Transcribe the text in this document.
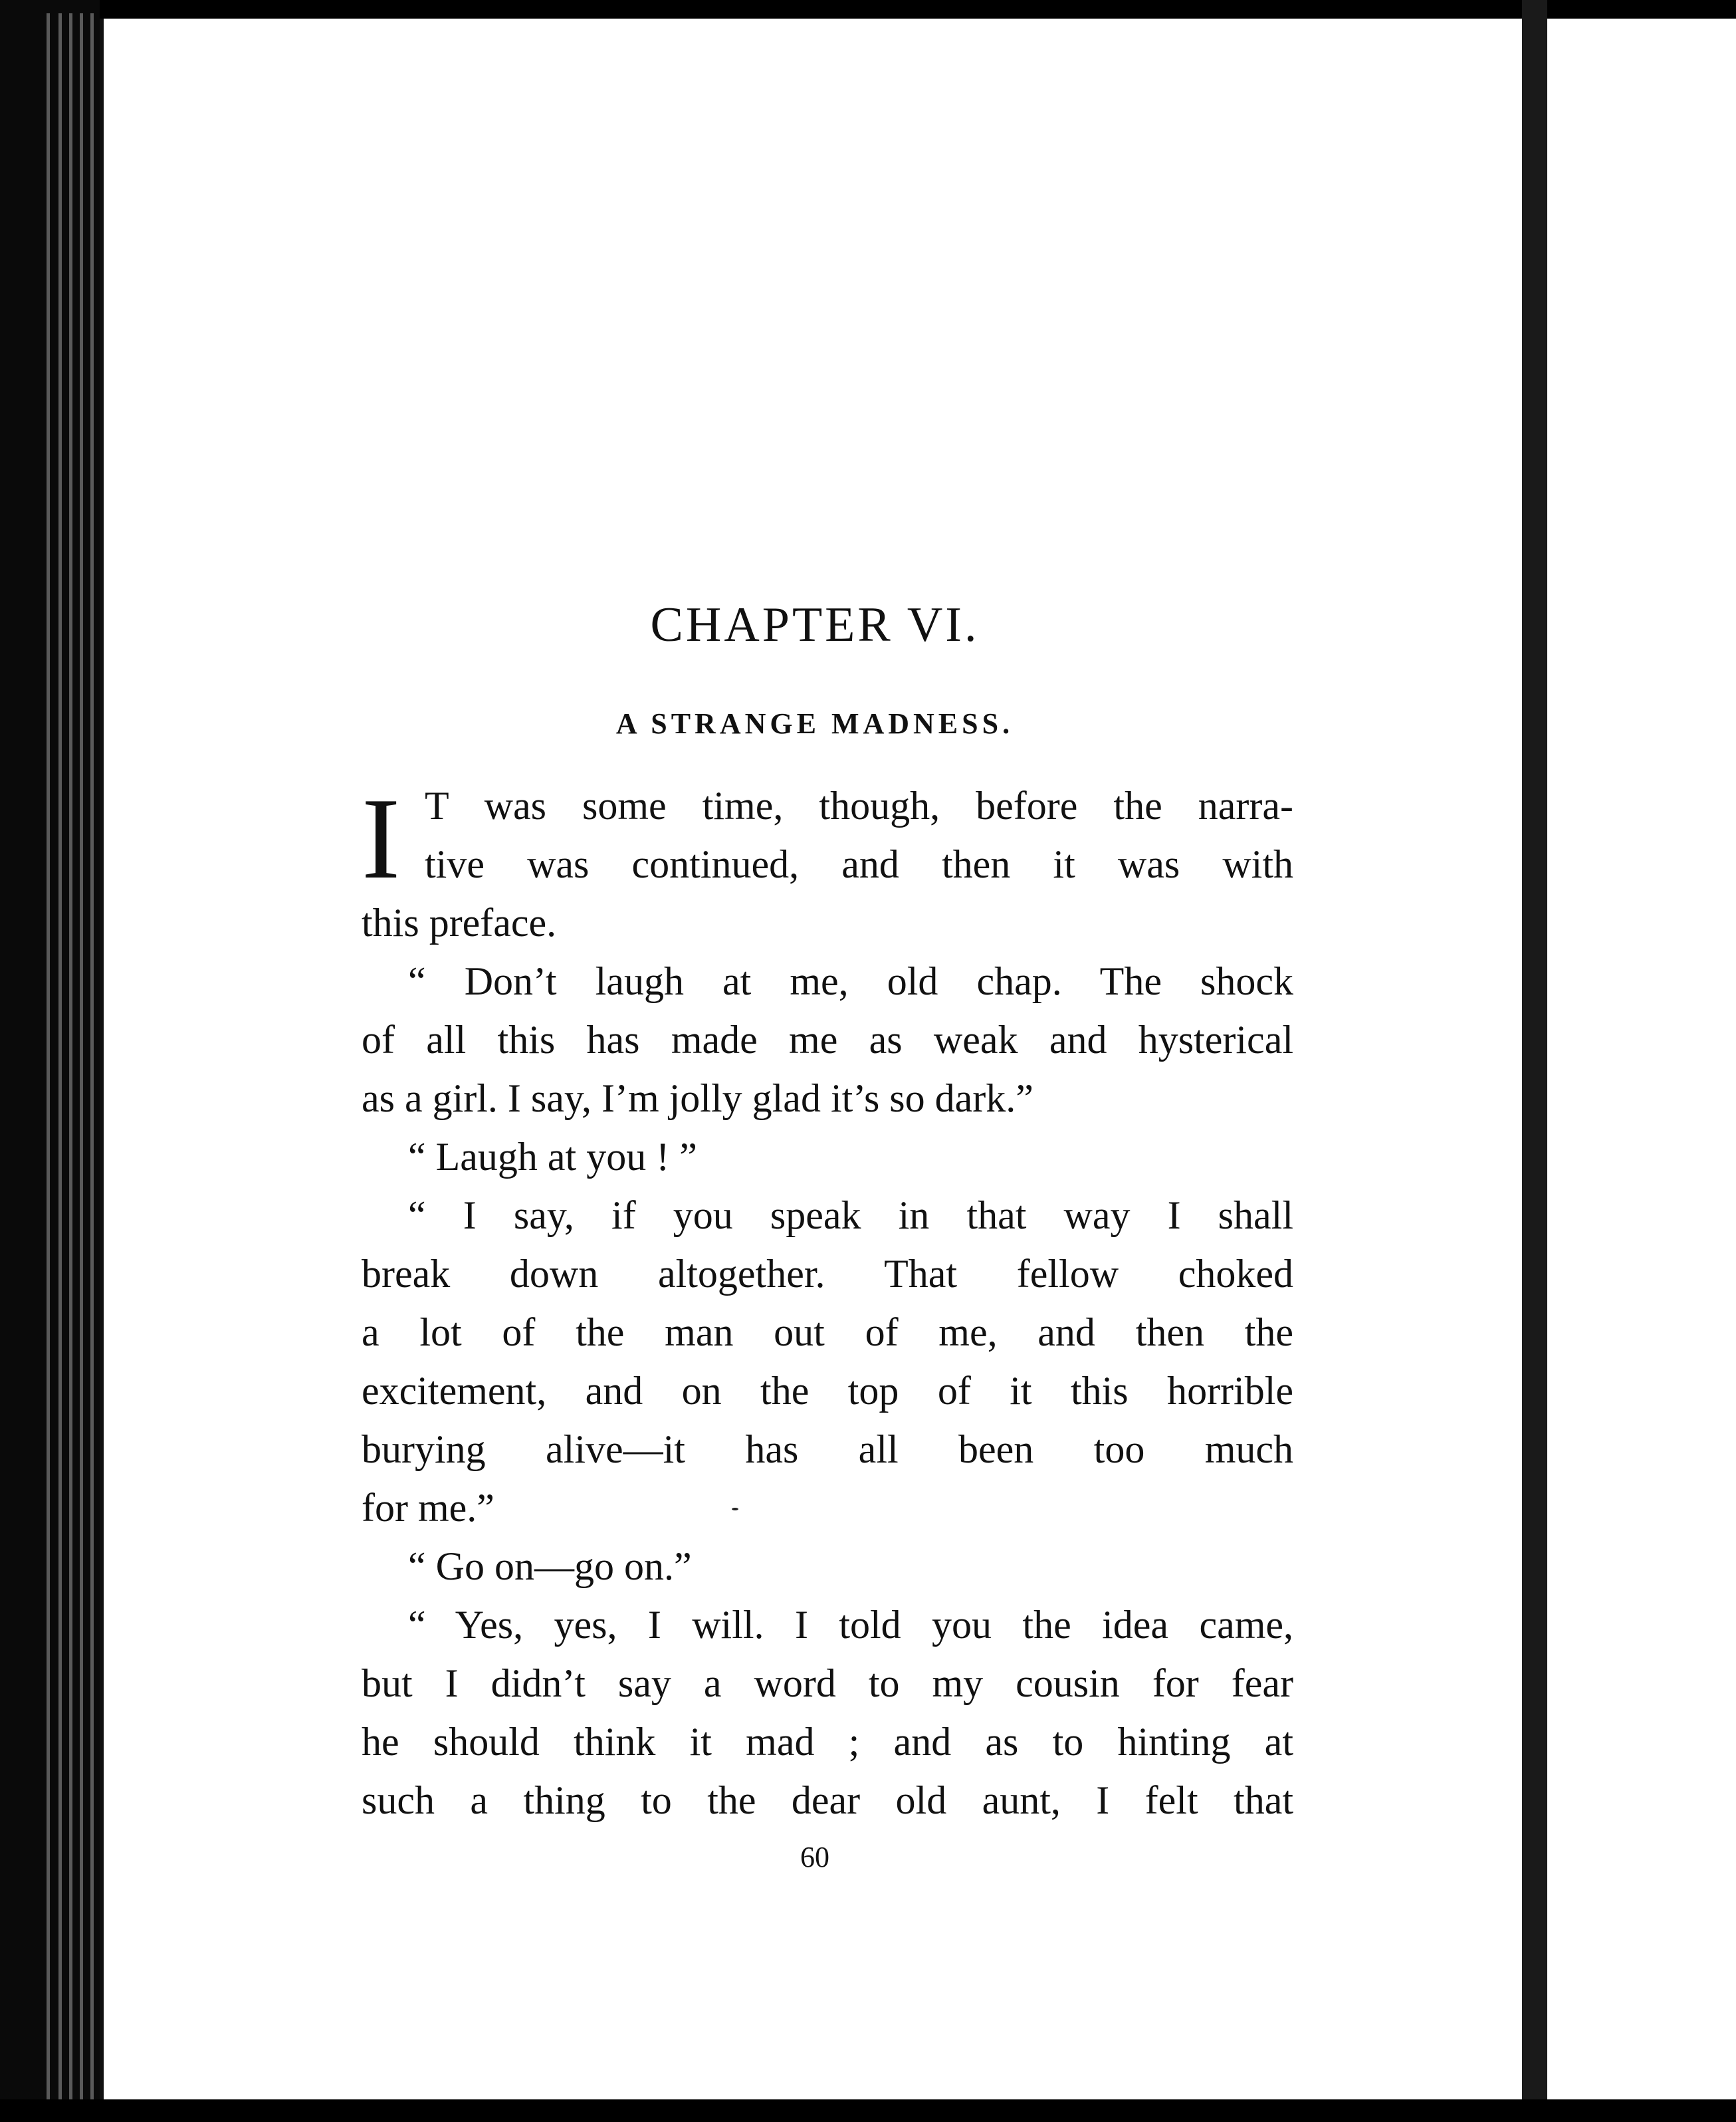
CHAPTER VI.
A STRANGE MADNESS.
I T was some time, though, before the narra-
tive was continued, and then it was with
this preface.
“ Don’t laugh at me, old chap. The shock
of all this has made me as weak and hysterical
as a girl. I say, I’m jolly glad it’s so dark.”
“ Laugh at you ! ”
“ I say, if you speak in that way I shall
break down altogether. That fellow choked
a lot of the man out of me, and then the
excitement, and on the top of it this horrible
burying alive—it has all been too much
for me.”
“ Go on—go on.”
“ Yes, yes, I will. I told you the idea came,
but I didn’t say a word to my cousin for fear
he should think it mad ; and as to hinting at
such a thing to the dear old aunt, I felt that
60
